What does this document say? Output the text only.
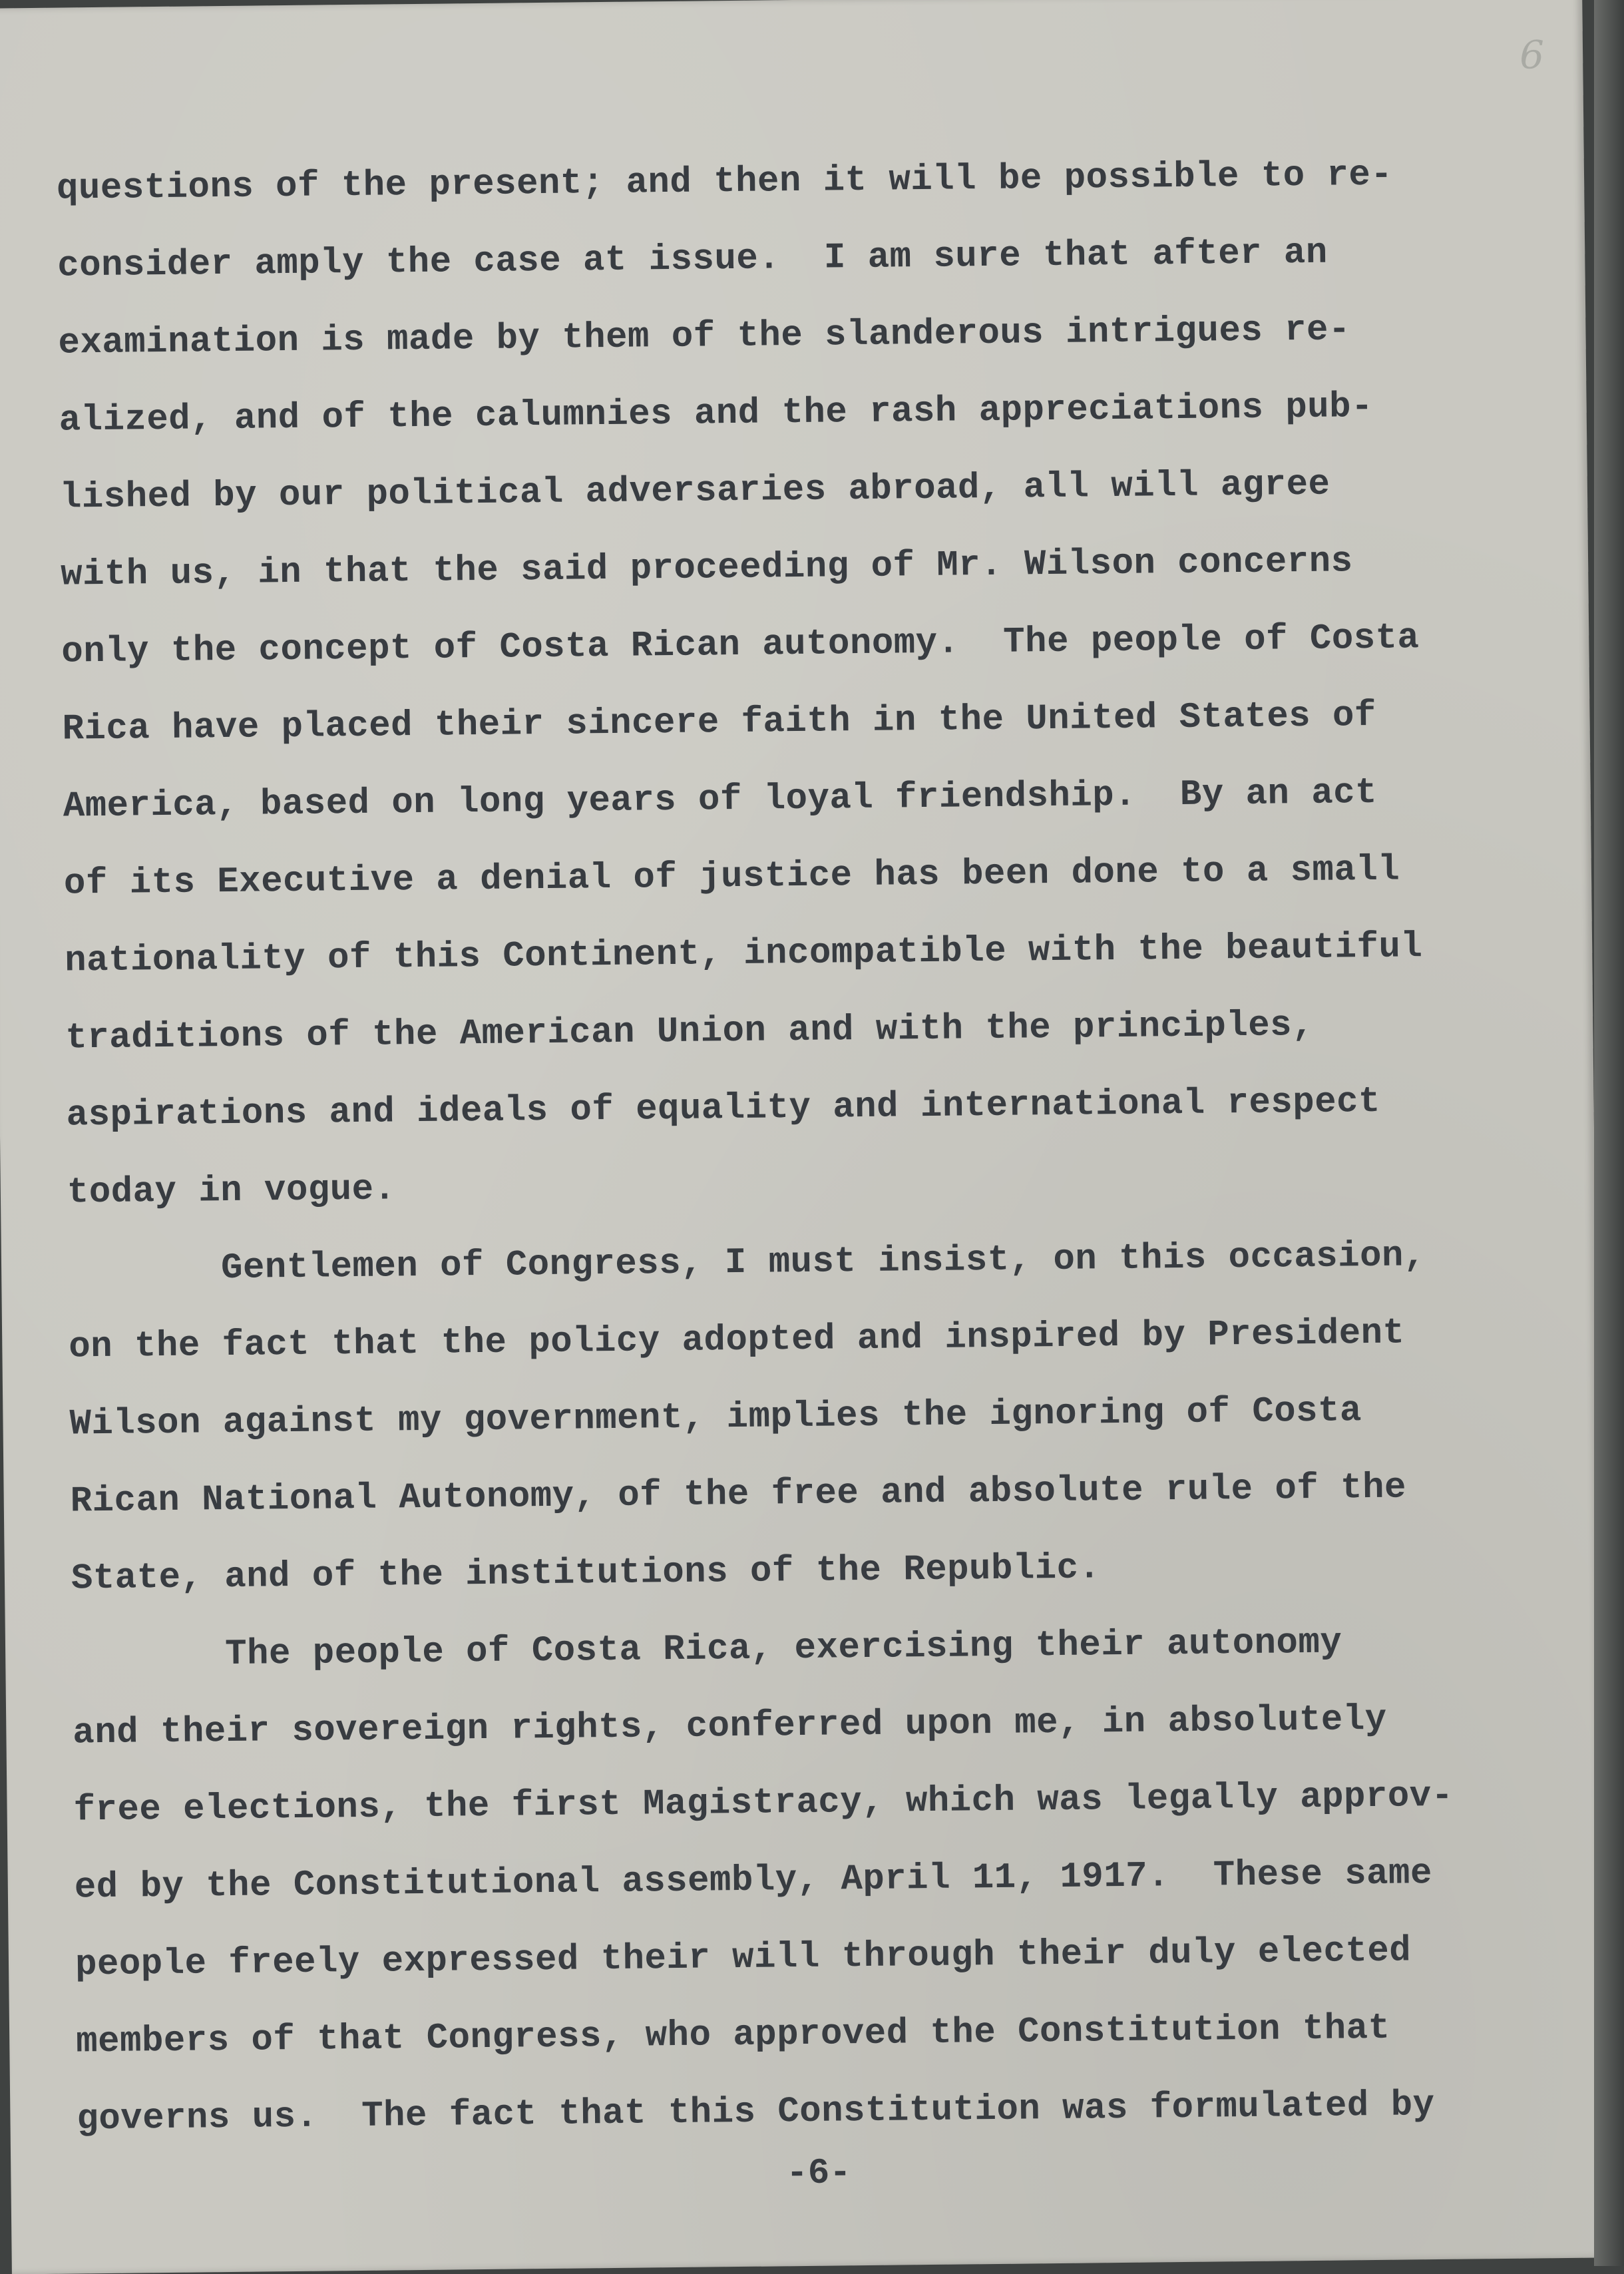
6
questions of the present; and then it will be possible to re-
consider amply the case at issue.  I am sure that after an
examination is made by them of the slanderous intrigues re-
alized, and of the calumnies and the rash appreciations pub-
lished by our political adversaries abroad, all will agree
with us, in that the said proceeding of Mr. Wilson concerns
only the concept of Costa Rican autonomy.  The people of Costa
Rica have placed their sincere faith in the United States of
America, based on long years of loyal friendship.  By an act
of its Executive a denial of justice has been done to a small
nationality of this Continent, incompatible with the beautiful
traditions of the American Union and with the principles,
aspirations and ideals of equality and international respect
today in vogue.
Gentlemen of Congress, I must insist, on this occasion,
on the fact that the policy adopted and inspired by President
Wilson against my government, implies the ignoring of Costa
Rican National Autonomy, of the free and absolute rule of the
State, and of the institutions of the Republic.
The people of Costa Rica, exercising their autonomy
and their sovereign rights, conferred upon me, in absolutely
free elections, the first Magistracy, which was legally approv-
ed by the Constitutional assembly, April 11, 1917.  These same
people freely expressed their will through their duly elected
members of that Congress, who approved the Constitution that
governs us.  The fact that this Constitution was formulated by
-6-
